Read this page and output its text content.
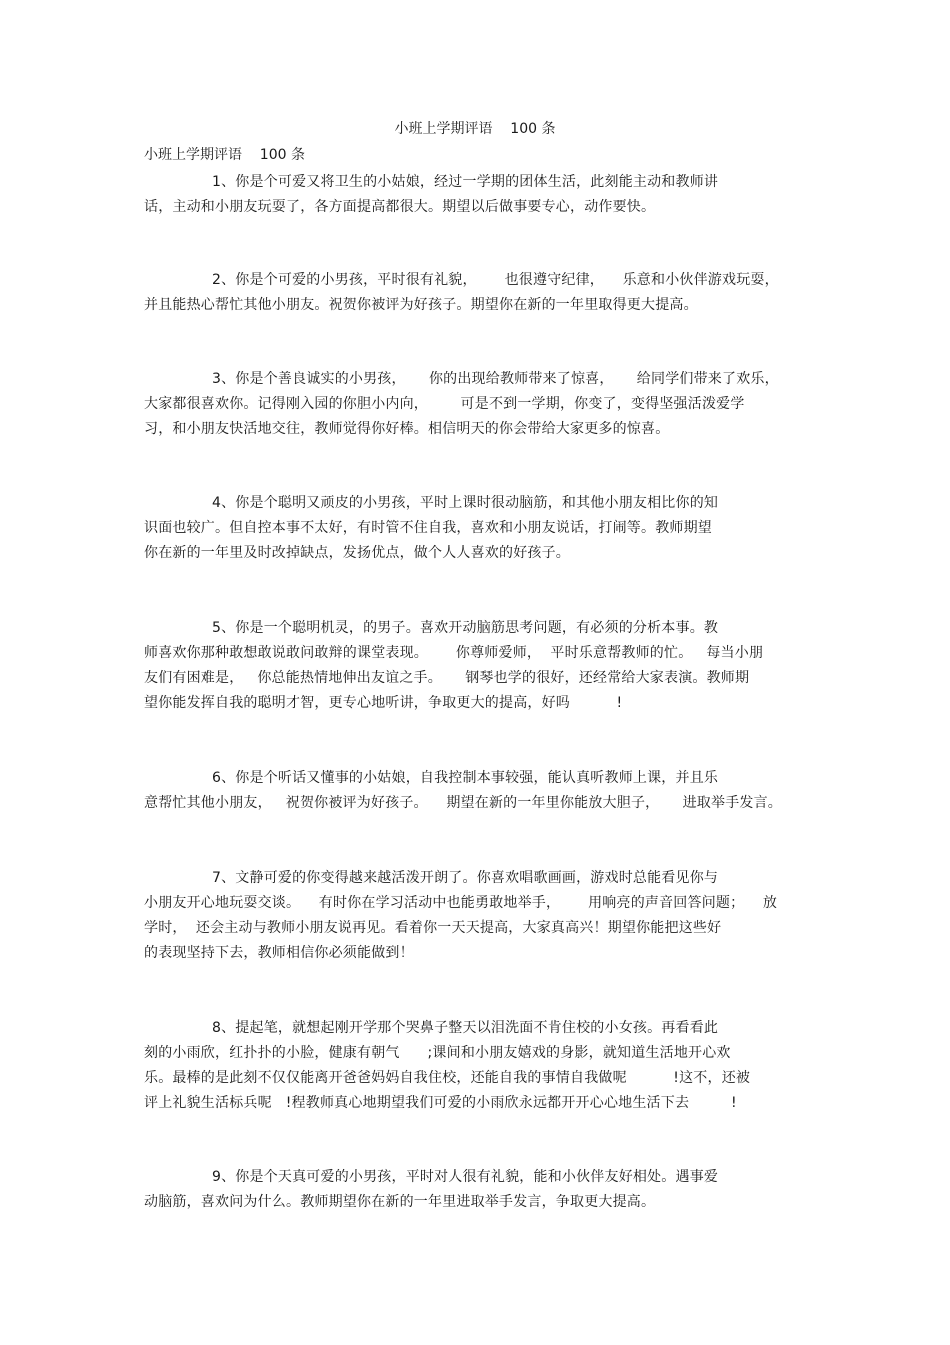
小班上学期评语    100 条
小班上学期评语    100 条
1、你是个可爱又将卫生的小姑娘，经过一学期的团体生活，此刻能主动和教师讲
话，主动和小朋友玩耍了，各方面提高都很大。期望以后做事要专心，动作要快。
2、你是个可爱的小男孩，平时很有礼貌，      也很遵守纪律，    乐意和小伙伴游戏玩耍，
并且能热心帮忙其他小朋友。祝贺你被评为好孩子。期望你在新的一年里取得更大提高。
3、你是个善良诚实的小男孩，     你的出现给教师带来了惊喜，     给同学们带来了欢乐，
大家都很喜欢你。记得刚入园的你胆小内向，       可是不到一学期，你变了，变得坚强活泼爱学
习，和小朋友快活地交往，教师觉得你好棒。相信明天的你会带给大家更多的惊喜。
4、你是个聪明又顽皮的小男孩，平时上课时很动脑筋，和其他小朋友相比你的知
识面也较广。但自控本事不太好，有时管不住自我，喜欢和小朋友说话，打闹等。教师期望
你在新的一年里及时改掉缺点，发扬优点，做个人人喜欢的好孩子。
5、你是一个聪明机灵，的男子。喜欢开动脑筋思考问题，有必须的分析本事。教
师喜欢你那种敢想敢说敢问敢辩的课堂表现。      你尊师爱师，  平时乐意帮教师的忙。   每当小朋
友们有困难是，   你总能热情地伸出友谊之手。     钢琴也学的很好，还经常给大家表演。教师期
望你能发挥自我的聪明才智，更专心地听讲，争取更大的提高，好吗          !
6、你是个听话又懂事的小姑娘，自我控制本事较强，能认真听教师上课，并且乐
意帮忙其他小朋友，   祝贺你被评为好孩子。    期望在新的一年里你能放大胆子，     进取举手发言。
7、文静可爱的你变得越来越活泼开朗了。你喜欢唱歌画画，游戏时总能看见你与
小朋友开心地玩耍交谈。    有时你在学习活动中也能勇敢地举手，      用响亮的声音回答问题；    放
学时，  还会主动与教师小朋友说再见。看着你一天天提高，大家真高兴！期望你能把这些好
的表现坚持下去，教师相信你必须能做到！
8、提起笔，就想起刚开学那个哭鼻子整天以泪洗面不肯住校的小女孩。再看看此
刻的小雨欣，红扑扑的小脸，健康有朝气      ;课间和小朋友嬉戏的身影，就知道生活地开心欢
乐。最棒的是此刻不仅仅能离开爸爸妈妈自我住校，还能自我的事情自我做呢          !这不，还被
评上礼貌生活标兵呢   !程教师真心地期望我们可爱的小雨欣永远都开开心心地生活下去         !
9、你是个天真可爱的小男孩，平时对人很有礼貌，能和小伙伴友好相处。遇事爱
动脑筋，喜欢问为什么。教师期望你在新的一年里进取举手发言，争取更大提高。
